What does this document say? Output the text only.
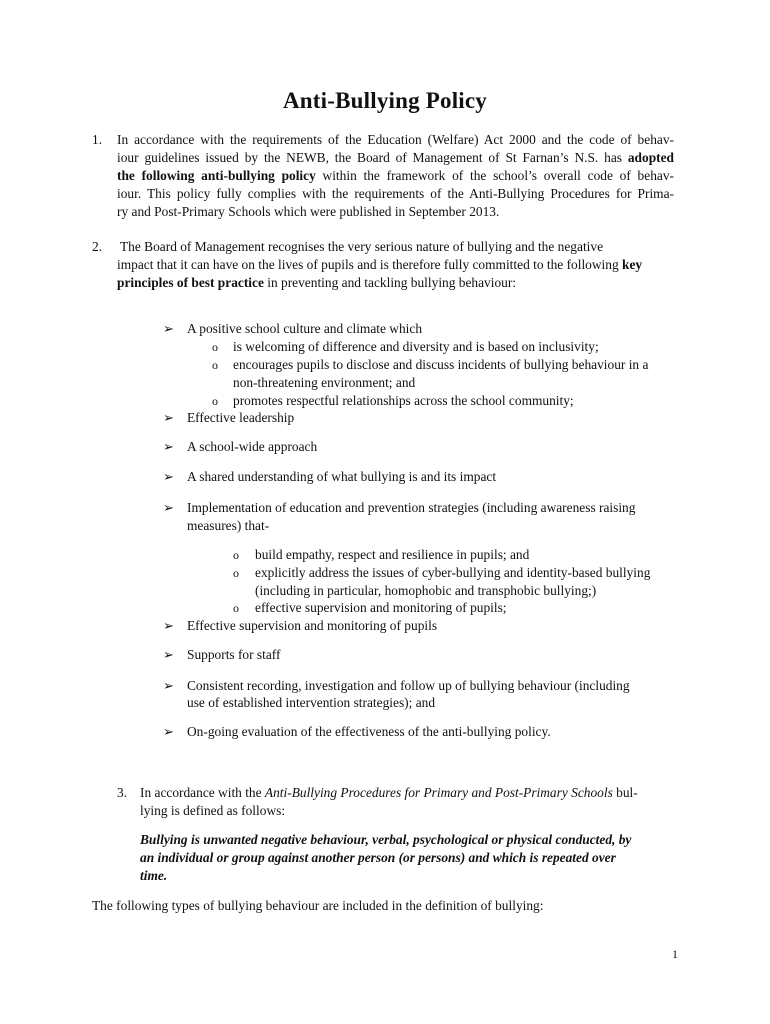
Anti-Bullying Policy
1. In accordance with the requirements of the Education (Welfare) Act 2000 and the code of behav-
iour guidelines issued by the NEWB, the Board of Management of St Farnan’s N.S. has adopted
the following anti-bullying policy within the framework of the school’s overall code of behav-
iour. This policy fully complies with the requirements of the Anti-Bullying Procedures for Prima-
ry and Post-Primary Schools which were published in September 2013.
2. The Board of Management recognises the very serious nature of bullying and the negative
impact that it can have on the lives of pupils and is therefore fully committed to the following key
principles of best practice in preventing and tackling bullying behaviour:
➢ A positive school culture and climate which
o is welcoming of difference and diversity and is based on inclusivity;
o encourages pupils to disclose and discuss incidents of bullying behaviour in a
non-threatening environment; and
o promotes respectful relationships across the school community;
➢ Effective leadership
➢ A school-wide approach
➢ A shared understanding of what bullying is and its impact
➢ Implementation of education and prevention strategies (including awareness raising
measures) that-
o build empathy, respect and resilience in pupils; and
o explicitly address the issues of cyber-bullying and identity-based bullying
(including in particular, homophobic and transphobic bullying;)
o effective supervision and monitoring of pupils;
➢ Effective supervision and monitoring of pupils
➢ Supports for staff
➢ Consistent recording, investigation and follow up of bullying behaviour (including
use of established intervention strategies); and
➢ On-going evaluation of the effectiveness of the anti-bullying policy.
3. In accordance with the Anti-Bullying Procedures for Primary and Post-Primary Schools bul-
lying is defined as follows:
Bullying is unwanted negative behaviour, verbal, psychological or physical conducted, by
an individual or group against another person (or persons) and which is repeated over
time.
The following types of bullying behaviour are included in the definition of bullying:
1
